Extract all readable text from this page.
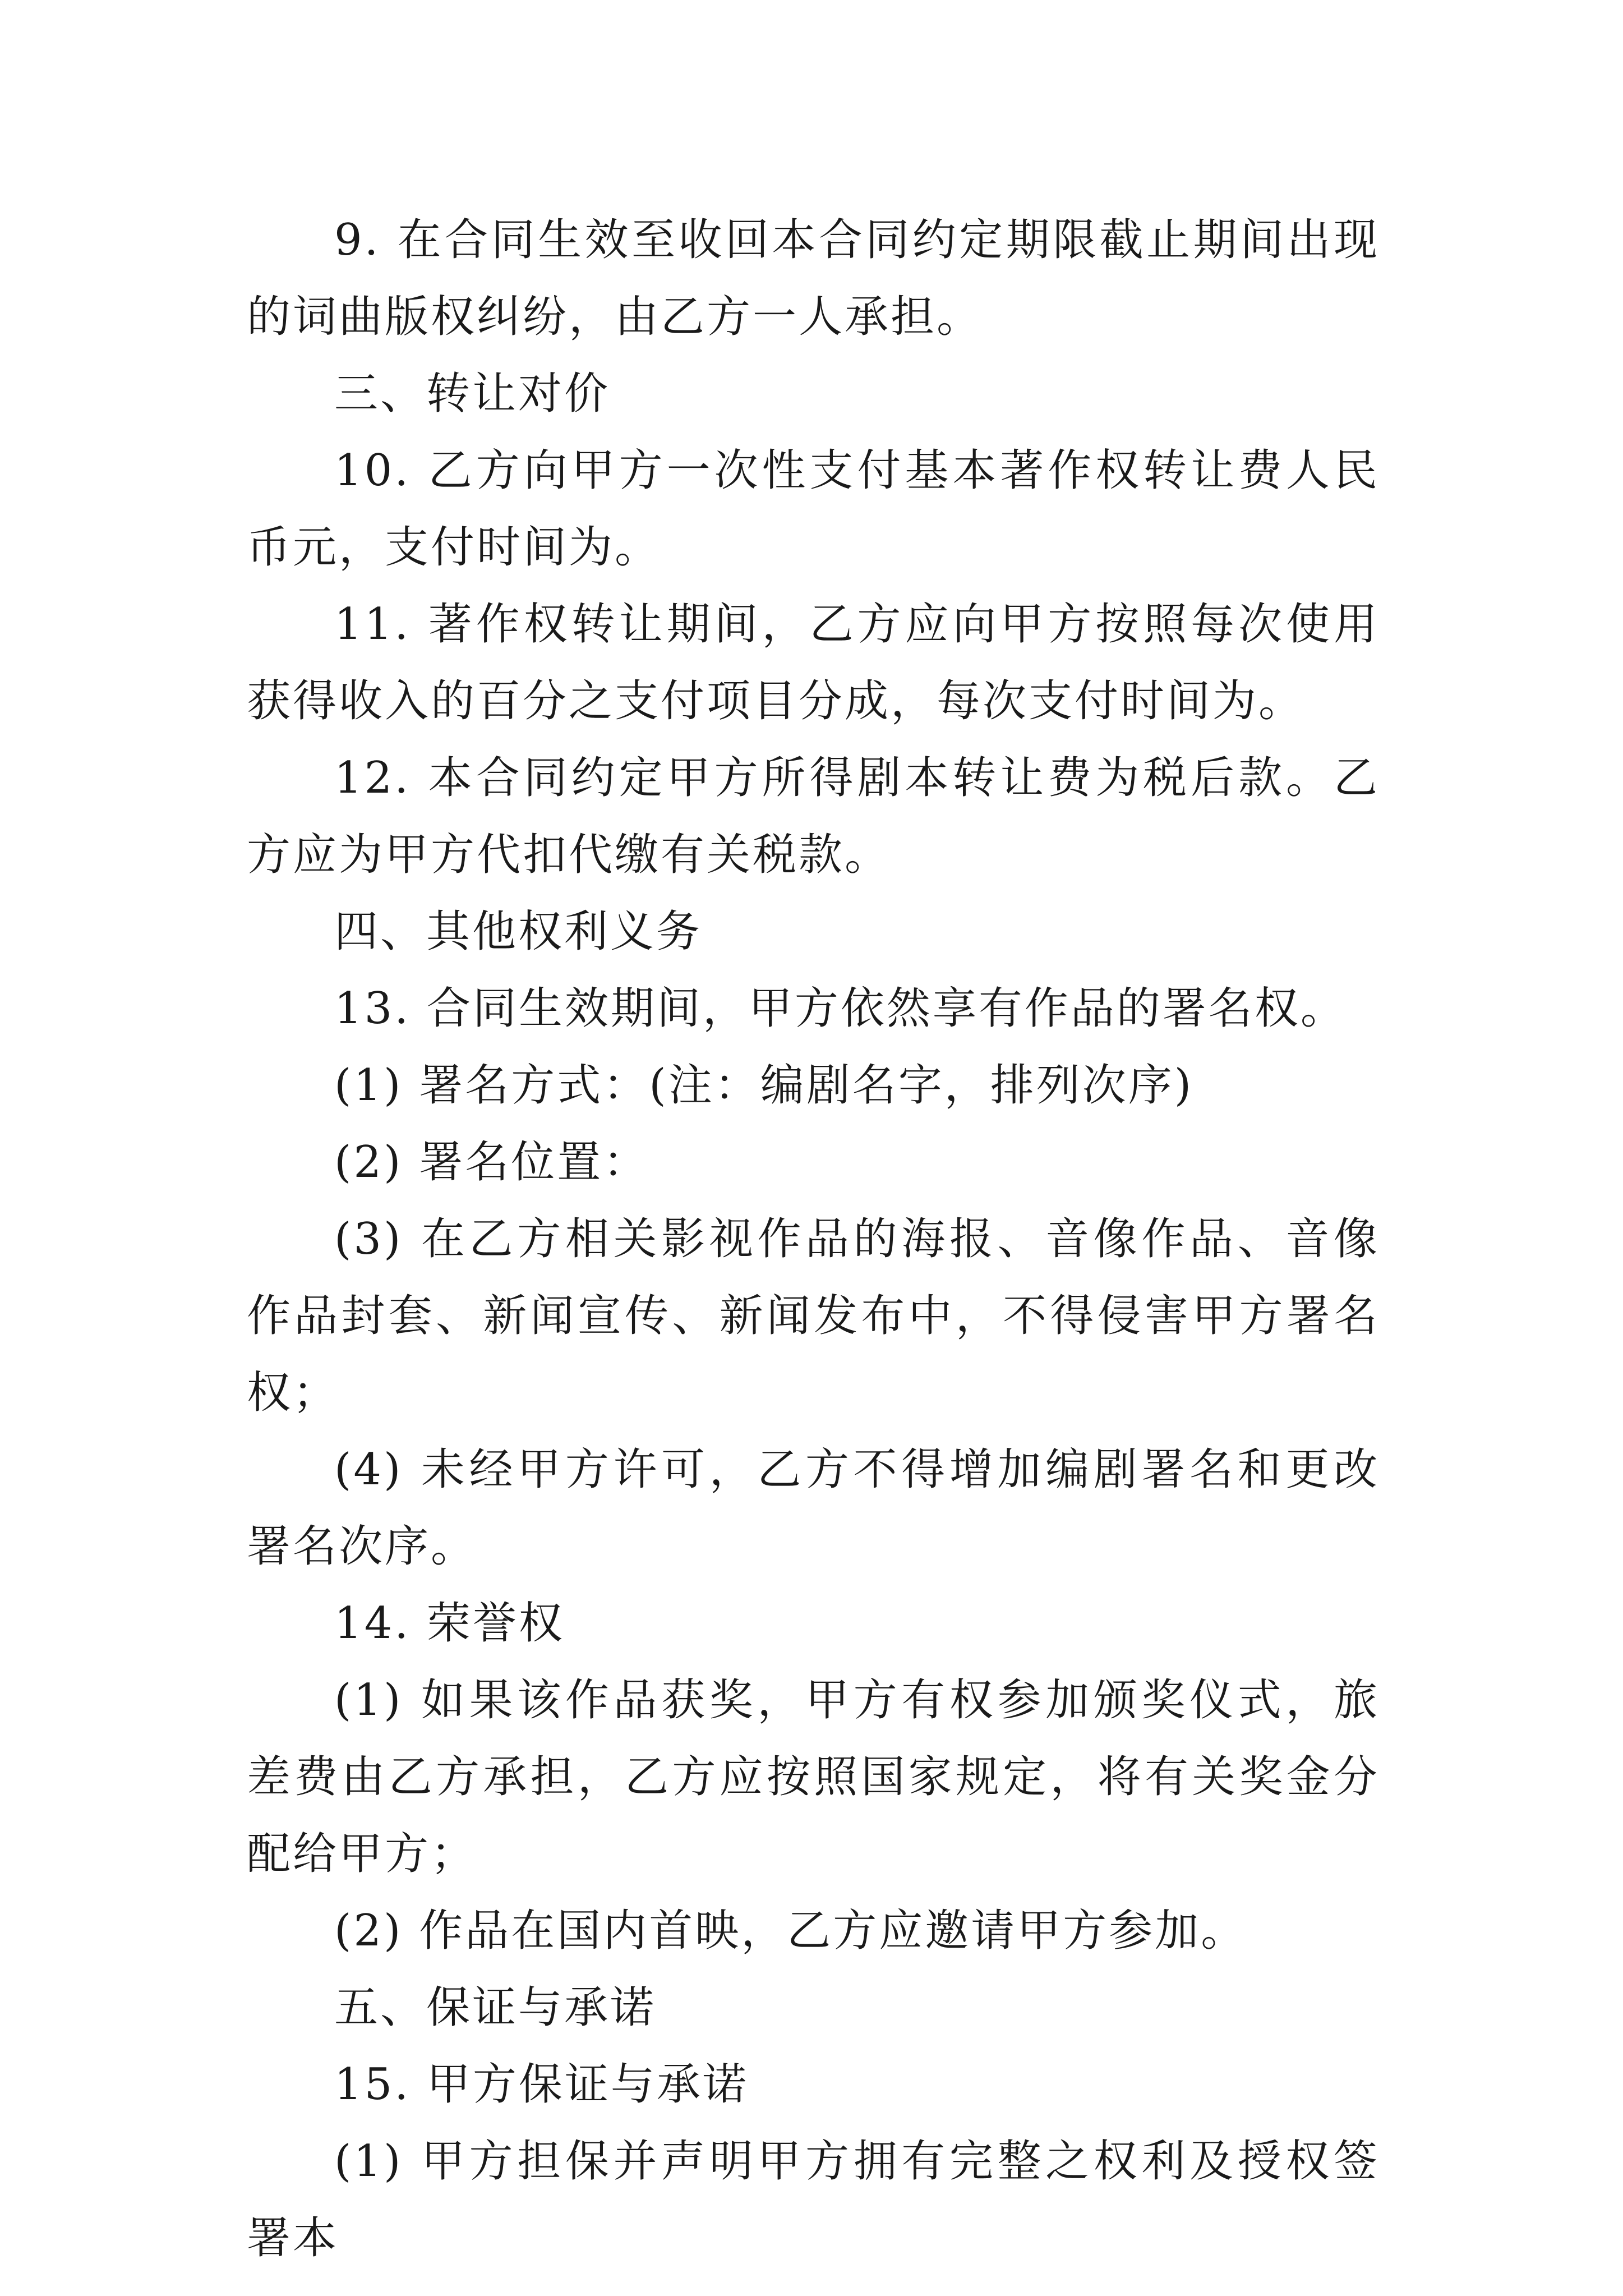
9. 在合同生效至收回本合同约定期限截止期间出现的词曲版权纠纷，由乙方一人承担。

三、转让对价

10. 乙方向甲方一次性支付基本著作权转让费人民币元，支付时间为。

11. 著作权转让期间，乙方应向甲方按照每次使用获得收入的百分之支付项目分成，每次支付时间为。

12. 本合同约定甲方所得剧本转让费为税后款。乙方应为甲方代扣代缴有关税款。

四、其他权利义务

13. 合同生效期间，甲方依然享有作品的署名权。

(1) 署名方式：(注：编剧名字，排列次序)

(2) 署名位置：

(3) 在乙方相关影视作品的海报、音像作品、音像作品封套、新闻宣传、新闻发布中，不得侵害甲方署名权；

(4) 未经甲方许可，乙方不得增加编剧署名和更改署名次序。

14. 荣誉权

(1) 如果该作品获奖，甲方有权参加颁奖仪式，旅差费由乙方承担，乙方应按照国家规定，将有关奖金分配给甲方；

(2) 作品在国内首映，乙方应邀请甲方参加。

五、保证与承诺

15. 甲方保证与承诺

(1) 甲方担保并声明甲方拥有完整之权利及授权签署本
